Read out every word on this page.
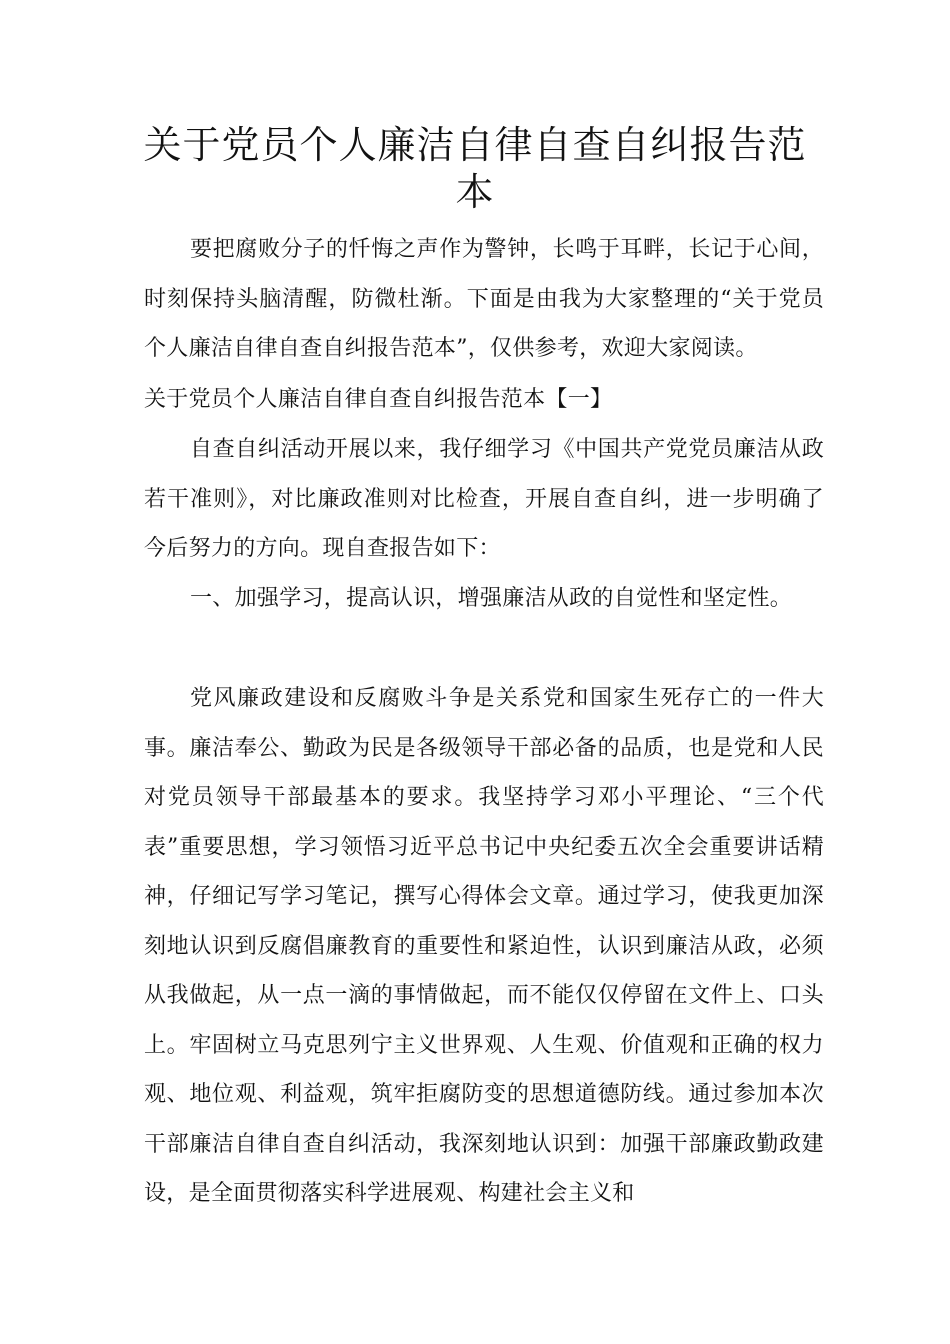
关于党员个人廉洁自律自查自纠报告范本

要把腐败分子的忏悔之声作为警钟，长鸣于耳畔，长记于心间，时刻保持头脑清醒，防微杜渐。下面是由我为大家整理的“关于党员个人廉洁自律自查自纠报告范本”，仅供参考，欢迎大家阅读。

关于党员个人廉洁自律自查自纠报告范本【一】

自查自纠活动开展以来，我仔细学习《中国共产党党员廉洁从政若干准则》，对比廉政准则对比检查，开展自查自纠，进一步明确了今后努力的方向。现自查报告如下：

一、加强学习，提高认识，增强廉洁从政的自觉性和坚定性。

党风廉政建设和反腐败斗争是关系党和国家生死存亡的一件大事。廉洁奉公、勤政为民是各级领导干部必备的品质，也是党和人民对党员领导干部最基本的要求。我坚持学习邓小平理论、“三个代表”重要思想，学习领悟习近平总书记中央纪委五次全会重要讲话精神，仔细记写学习笔记，撰写心得体会文章。通过学习，使我更加深刻地认识到反腐倡廉教育的重要性和紧迫性，认识到廉洁从政，必须从我做起，从一点一滴的事情做起，而不能仅仅停留在文件上、口头上。牢固树立马克思列宁主义世界观、人生观、价值观和正确的权力观、地位观、利益观，筑牢拒腐防变的思想道德防线。通过参加本次干部廉洁自律自查自纠活动，我深刻地认识到：加强干部廉政勤政建设，是全面贯彻落实科学进展观、构建社会主义和
